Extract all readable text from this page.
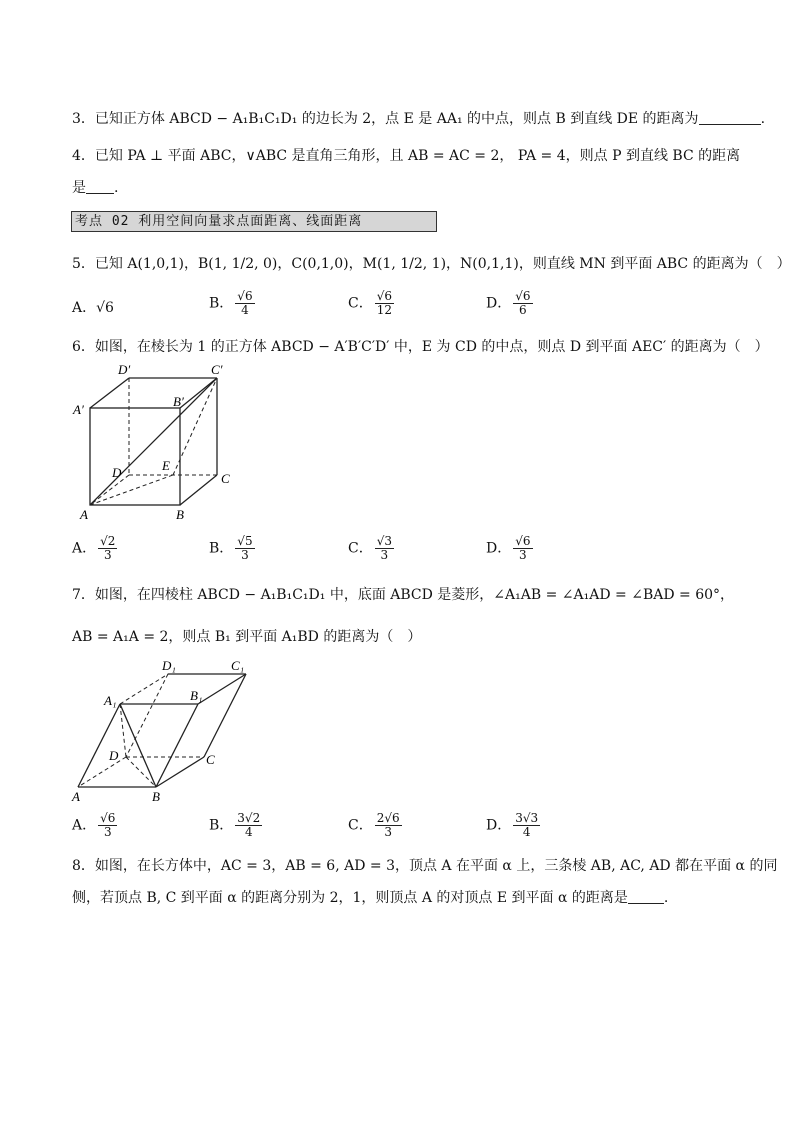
3．已知正方体 ABCD − A₁B₁C₁D₁ 的边长为 2，点 E 是 AA₁ 的中点，则点 B 到直线 DE 的距离为	.
4．已知 PA ⊥ 平面 ABC，∨ABC 是直角三角形，且 AB = AC = 2， PA = 4，则点 P 到直线 BC 的距离
是 .
考点 02 利用空间向量求点面距离、线面距离
5．已知 A(1,0,1)，B(1, 1/2, 0)，C(0,1,0)，M(1, 1/2, 1)，N(0,1,1)，则直线 MN 到平面 ABC 的距离为（　）
A．√6	B． $\frac{√6}{4}$	C． $\frac{√6}{12}$	D． $\frac{√6}{6}$
6．如图，在棱长为 1 的正方体 ABCD − A′B′C′D′ 中，E 为 CD 的中点，则点 D 到平面 AEC′ 的距离为（　）
D′	C′
A′
B′
D	E
C
A	B
A． $\frac{√2}{3}$	B． $\frac{√5}{3}$	C． $\frac{√3}{3}$	D． $\frac{√6}{3}$
7．如图，在四棱柱 ABCD − A₁B₁C₁D₁ 中，底面 ABCD 是菱形，∠A₁AB = ∠A₁AD = ∠BAD = 60°，
AB = A₁A = 2，则点 B₁ 到平面 A₁BD 的距离为（　）
D₁	C₁
A₁	B₁
D	C
A	B
A． $\frac{√6}{3}$	B． $\frac{3√2}{4}$	C． $\frac{2√6}{3}$	D． $\frac{3√3}{4}$
8．如图，在长方体中，AC = 3，AB = 6, AD = 3，顶点 A 在平面 α 上，三条棱 AB, AC, AD 都在平面 α 的同
侧，若顶点 B, C 到平面 α 的距离分别为 2，1，则顶点 A 的对顶点 E 到平面 α 的距离是	.
